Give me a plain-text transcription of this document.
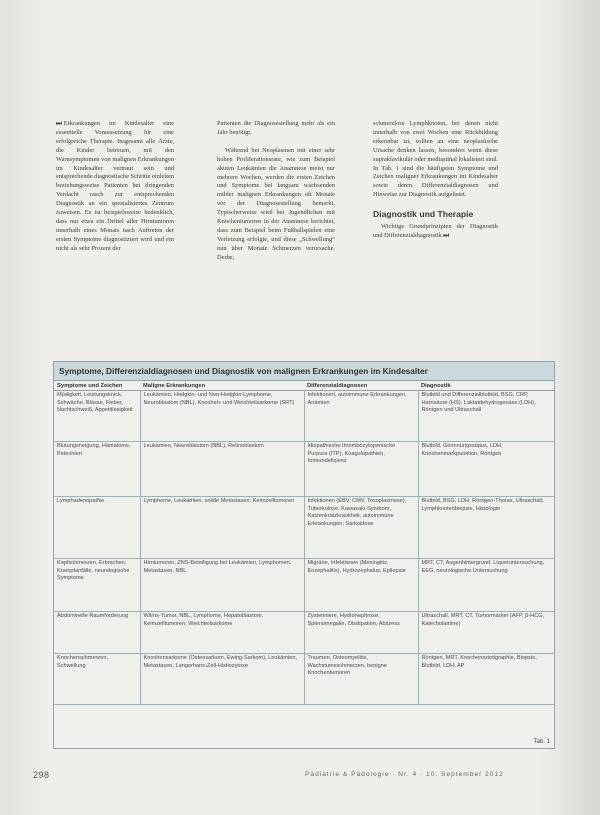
⏭ Erkrankungen im Kindesalter eine essentielle Voraussetzung für eine erfolgreiche Therapie. Insgesamt alle Ärzte, die Kinder betreuen, mit den Warnsymptomen von malignen Erkrankungen im Kindesalter vertraut sein und entsprechende diagnostische Schritte einleiten beziehungsweise Patienten bei dringenden Verdacht rasch zur entsprechenden Diagnostik an ein spezialisiertes Zentrum zuweisen. Es ist beispielsweise bedenklich, dass nur etwa ein Drittel aller Hirntumoren innerhalb eines Monats nach Auftreten der ersten Symptome diagnostiziert wird und ein nicht als sehr Prozent der

Patienten die Diagnosestellung mehr als ein Jahr benötigt.

Während bei Neoplasmen mit einer sehr hohen Proliferationsrate, wie zum Beispiel akuten Leukämien die Anamnese meist nur mehrere Wochen, werden die ersten Zeichen und Symptome bei langsam wachsenden milder malignen Erkrankungen oft Monate vor der Diagnosestellung bemerkt. Typischerweise wird bei Jugendlichen mit Knochentumoren in der Anamnese berichtet, dass zum Beispiel beim Fußballspielen eine Verletzung erfolgte, und diese „Schwellung“ nun über Monate Schmerzen verursache. Derbe,

schmerzlose Lymphknoten, bei denen nicht innerhalb von zwei Wochen eine Rückbildung erkennbar ist, sollten an eine neoplastische Ursache denken lassen, besonders wenn diese supraklavikulär oder mediastinal lokalisiert sind. In Tab. 1 sind die häufigsten Symptome und Zeichen maligner Erkrankungen im Kindesalter sowie deren Differenzialdiagnosen und Hinweise zur Diagnostik aufgelistet.

Diagnostik und Therapie

Wichtige Grundprinzipien der Diagnostik und Differenzialdiagnostik ⏭

Symptome, Differenzialdiagnosen und Diagnostik von malignen Erkrankungen im Kindesalter
Symptome und Zeichen	Maligne Erkrankungen	Differenzialdiagnosen	Diagnostik
Müdigkeit, Leistungsknick, Schwäche, Blässe, Fieber, Nachtschweiß, Appetitlosigkeit	Leukämien, Hodgkin- und Non-Hodgkin-Lymphome, Neuroblastom (NBL), Knochen- und Weichteilsarkome (SRT)	Infektionen, autoimmune Erkrankungen, Anämien	Blutbild und Differenzialblutbild, BSG, CRP, Harnsäure (HS), Laktatdehydrogenase (LDH), Röntgen und Ultraschall
Blutungsneigung, Hämatome, Petechien	Leukämien, Neuroblastom (NBL), Retinoblastom	Idiopathische thrombozytopenische Purpura (ITP), Koagulopathien, Immundefizienz	Blutbild, Gerinnungsstatus, LDH, Knochenmarkpunktion, Röntgen
Lymphadenopathie	Lymphome, Leukämien, solide Metastasen, Keimzelltumoren	Infektionen (EBV, CMV, Toxoplasmose), Tuberkulose, Kawasaki-Syndrom, Katzenkratzkrankheit, autoimmune Erkrankungen, Sarkoidose	Blutbild, BSG, LDH, Röntgen-Thorax, Ultraschall, Lymphknotenbiopsie, Histologie
Kopfschmerzen, Erbrechen, Krampfanfälle, neurologische Symptome	Hirntumoren, ZNS-Beteiligung bei Leukämien, Lymphomen, Metastasen, NBL	Migräne, Infektionen (Meningitis, Enzephalitis), Hydrozephalus, Epilepsie	MRT, CT, Augenhintergrund, Liquoruntersuchung, EEG, neurologische Untersuchung
Abdominelle Raumforderung	Wilms-Tumor, NBL, Lymphome, Hepatoblastom, Keimzelltumoren, Weichteilsarkome	Zystenniere, Hydronephrose, Splenomegalie, Obstipation, Abszess	Ultraschall, MRT, CT, Tumormarker (AFP, β-HCG, Katecholamine)
Knochenschmerzen, Schwellung	Knochensarkome (Osteosarkom, Ewing-Sarkom), Leukämien, Metastasen, Langerhans-Zell-Histiozytose	Traumen, Osteomyelitis, Wachstumsschmerzen, benigne Knochentumoren	Röntgen, MRT, Knochenszintigraphie, Biopsie, Blutbild, LDH, AP
Tab. 1
298	Pädiatrie & Pädologie · Nr. 4 · 10. September 2012
